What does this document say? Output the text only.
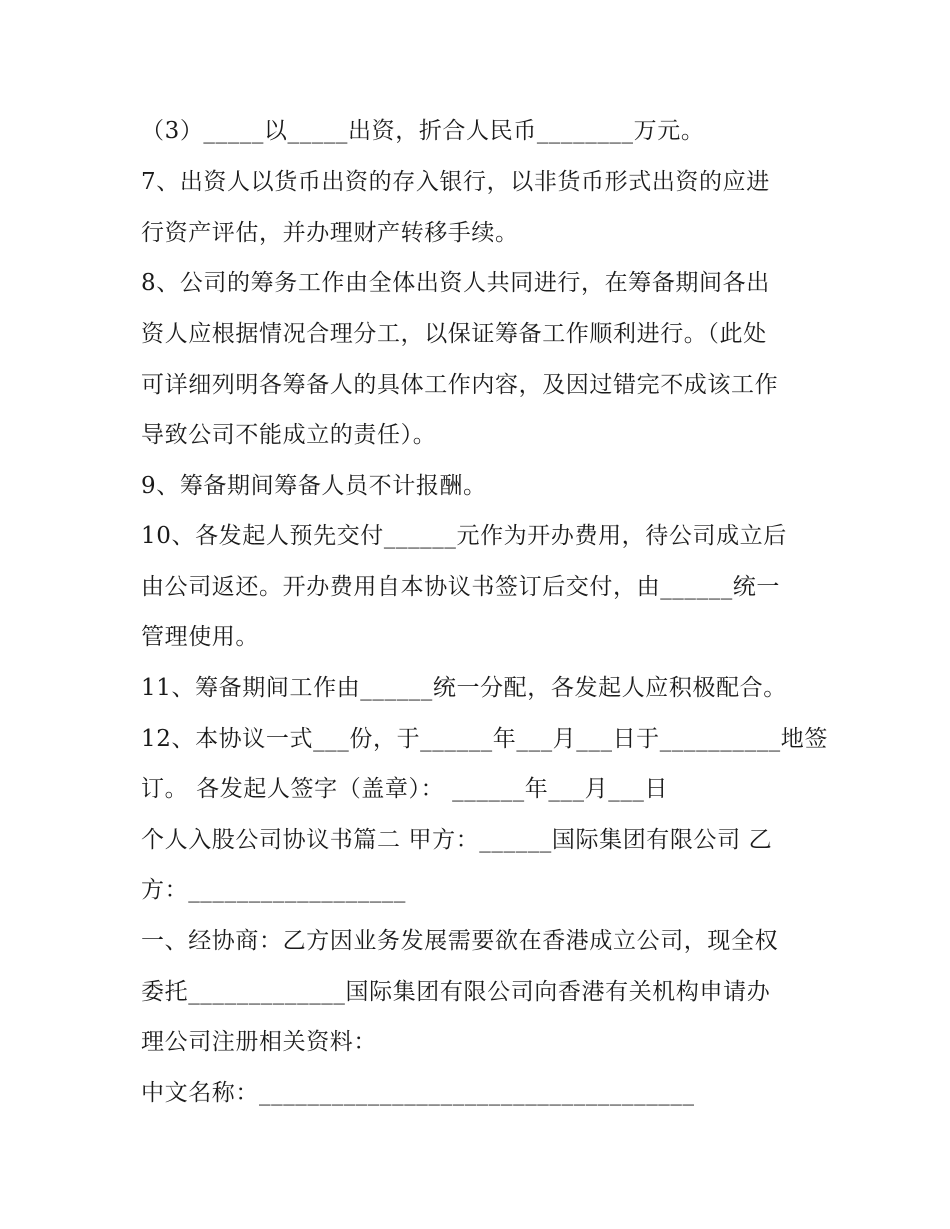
（3）_____以_____出资，折合人民币________万元。
7、出资人以货币出资的存入银行，以非货币形式出资的应进
行资产评估，并办理财产转移手续。
8、公司的筹务工作由全体出资人共同进行，在筹备期间各出
资人应根据情况合理分工，以保证筹备工作顺利进行。（此处
可详细列明各筹备人的具体工作内容，及因过错完不成该工作
导致公司不能成立的责任）。
9、筹备期间筹备人员不计报酬。
10、各发起人预先交付______元作为开办费用，待公司成立后
由公司返还。开办费用自本协议书签订后交付，由______统一
管理使用。
11、筹备期间工作由______统一分配，各发起人应积极配合。
12、本协议一式___份，于______年___月___日于__________地签
订。 各发起人签字（盖章）： ______年___月___日
个人入股公司协议书篇二 甲方：______国际集团有限公司 乙
方：__________________
一、经协商：乙方因业务发展需要欲在香港成立公司，现全权
委托_____________国际集团有限公司向香港有关机构申请办
理公司注册相关资料：
中文名称：____________________________________
